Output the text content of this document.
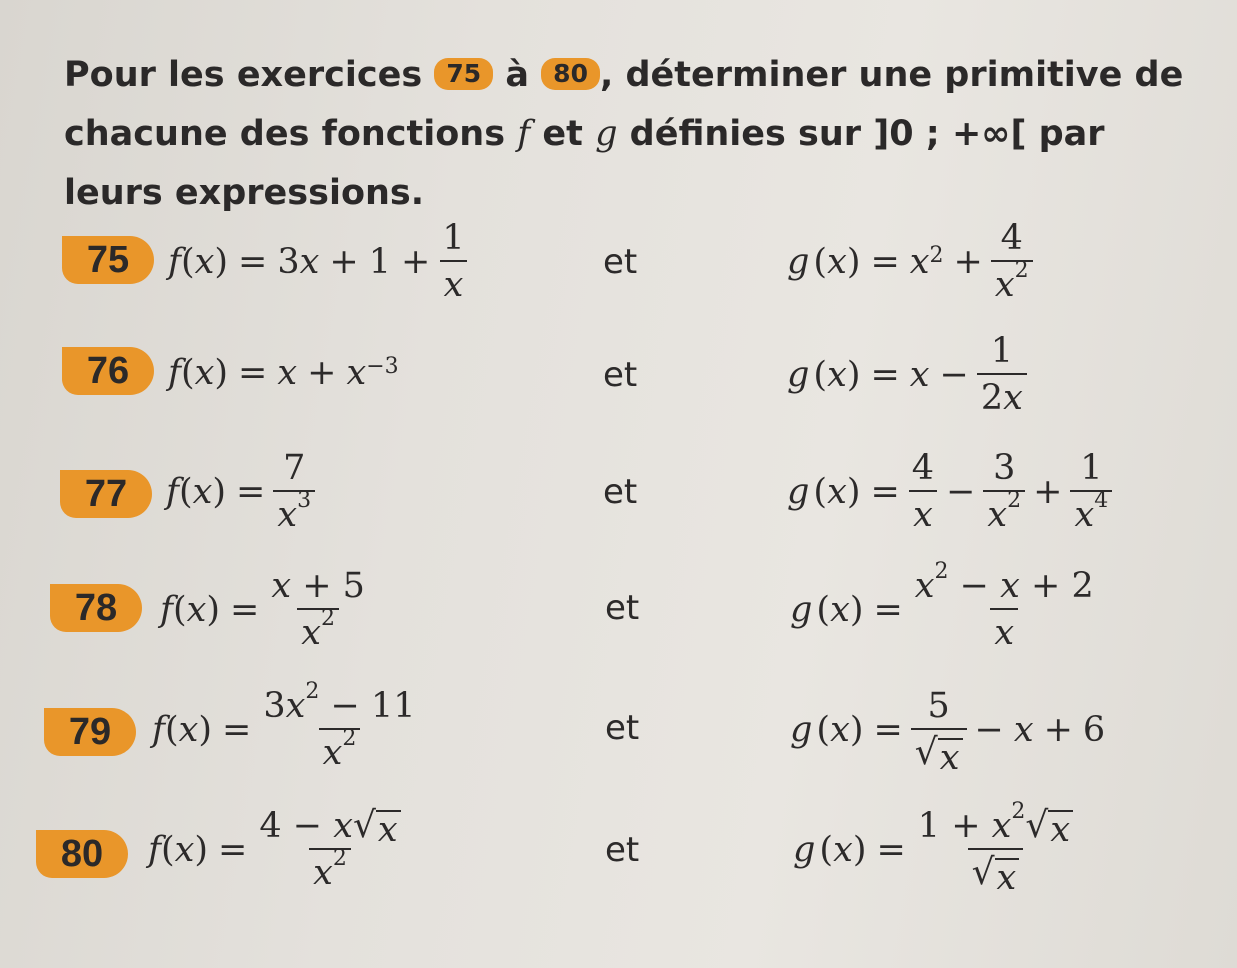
Pour les exercices 75 à 80 , déterminer une primitive de chacune des fonctions f et g définies sur ]0 ; +∞[ par leurs expressions.
75	f ( x ) = 3 $x + 1 + \frac{1}{x}$	et	g ( x ) = $x^2 + \frac{4}{x^2}$
76	f ( x ) = $x + x^{-3}$	et	g ( x ) = $x - \frac{1}{2x}$
77	f ( x ) = $\frac{7}{x^3}$	et	g ( x ) = $\frac{4}{x} - \frac{3}{x^2} + \frac{1}{x^4}$
78	f ( x ) = $\frac{x + 5}{x^2}$	et	g ( x ) = $\frac{x^2 - x + 2}{x}$
79	f ( x ) = $\frac{3x^2 - 11}{x^2}$	et	g ( x ) = $\frac{5}{√ x} - x + 6$
80	f ( x ) = $\frac{4 - x √ x}{x^2}$	et	g ( x ) = $\frac{1 + x^2 √ x}{√ x}$
